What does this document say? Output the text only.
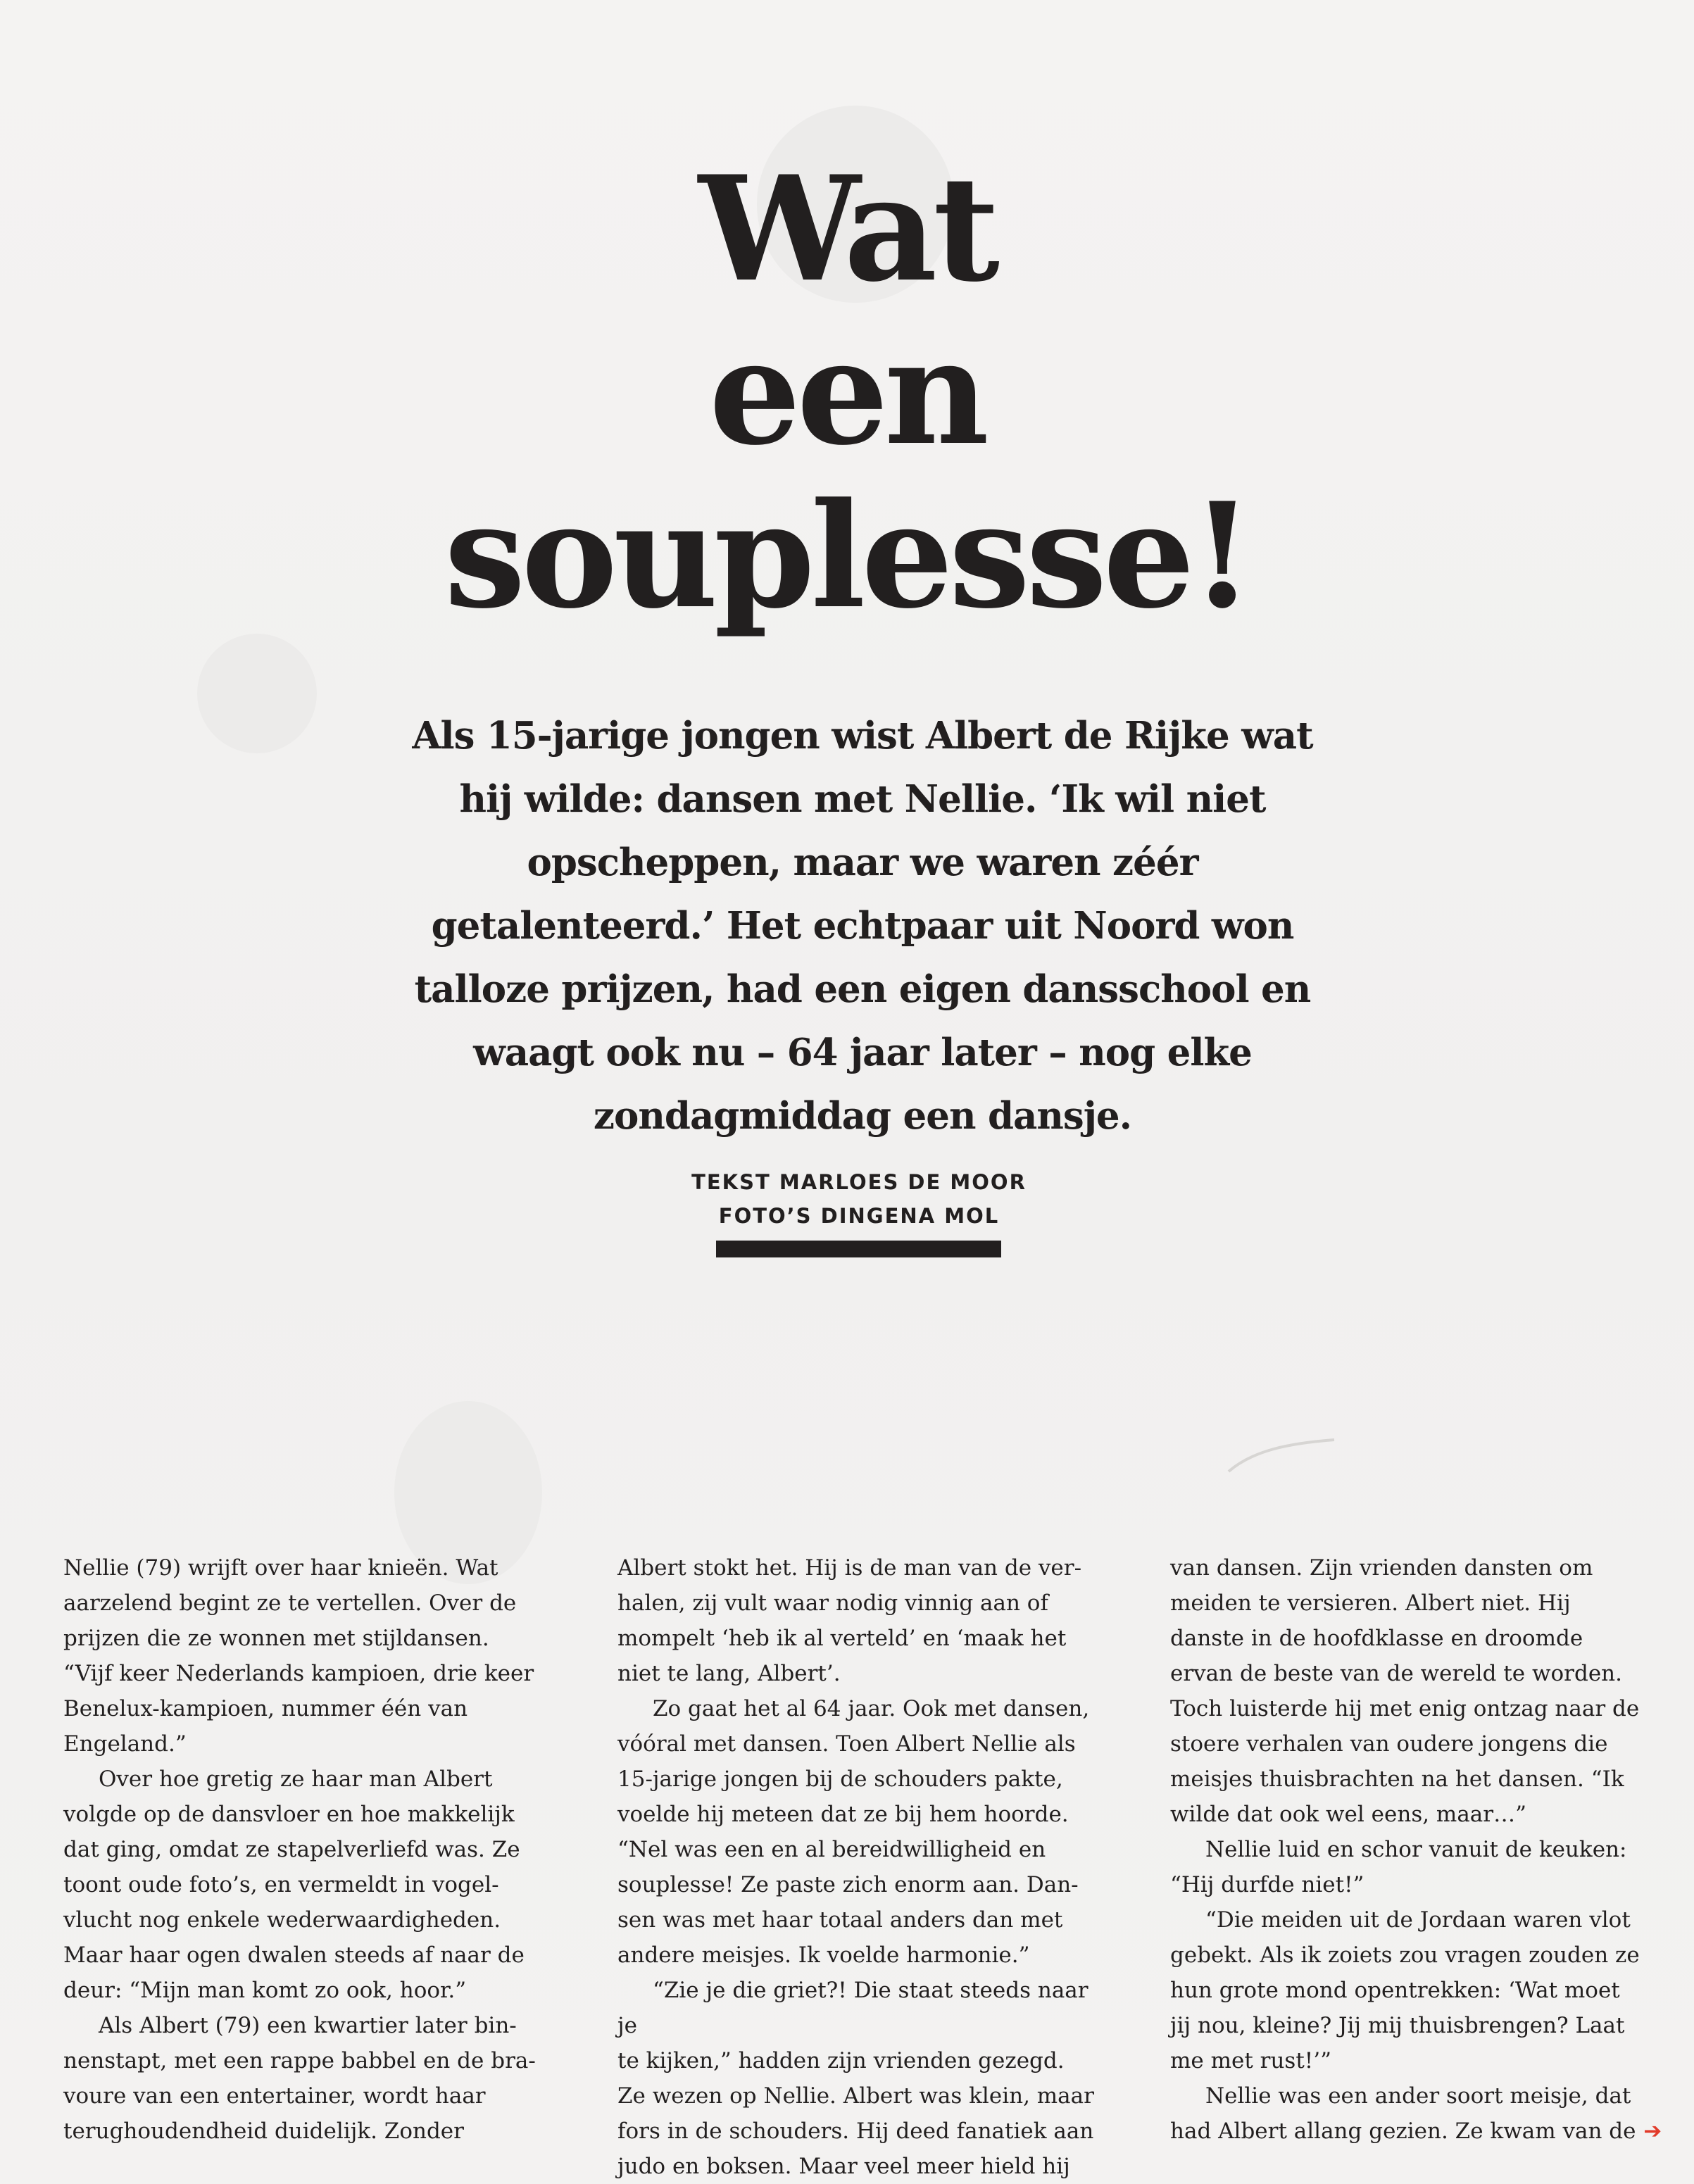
Wat
een
souplesse!
Als 15-jarige jongen wist Albert de Rijke wat
hij wilde: dansen met Nellie. ‘Ik wil niet
opscheppen, maar we waren zéér
getalenteerd.’ Het echtpaar uit Noord won
talloze prijzen, had een eigen dansschool en
waagt ook nu – 64 jaar later – nog elke
zondagmiddag een dansje.
TEKST MARLOES DE MOOR
FOTO’S DINGENA MOL
Nellie (79) wrijft over haar knieën. Wat
aarzelend begint ze te vertellen. Over de
prijzen die ze wonnen met stijldansen.
“Vijf keer Nederlands kampioen, drie keer
Benelux-kampioen, nummer één van
Engeland.”
Over hoe gretig ze haar man Albert
volgde op de dansvloer en hoe makkelijk
dat ging, omdat ze stapelverliefd was. Ze
toont oude foto’s, en vermeldt in vogel-
vlucht nog enkele wederwaardigheden.
Maar haar ogen dwalen steeds af naar de
deur: “Mijn man komt zo ook, hoor.”
Als Albert (79) een kwartier later bin-
nenstapt, met een rappe babbel en de bra-
voure van een entertainer, wordt haar
terughoudendheid duidelijk. Zonder
Albert stokt het. Hij is de man van de ver-
halen, zij vult waar nodig vinnig aan of
mompelt ‘heb ik al verteld’ en ‘maak het
niet te lang, Albert’.
Zo gaat het al 64 jaar. Ook met dansen,
vóóral met dansen. Toen Albert Nellie als
15-jarige jongen bij de schouders pakte,
voelde hij meteen dat ze bij hem hoorde.
“Nel was een en al bereidwilligheid en
souplesse! Ze paste zich enorm aan. Dan-
sen was met haar totaal anders dan met
andere meisjes. Ik voelde harmonie.”
“Zie je die griet?! Die staat steeds naar je
te kijken,” hadden zijn vrienden gezegd.
Ze wezen op Nellie. Albert was klein, maar
fors in de schouders. Hij deed fanatiek aan
judo en boksen. Maar veel meer hield hij
van dansen. Zijn vrienden dansten om
meiden te versieren. Albert niet. Hij
danste in de hoofdklasse en droomde
ervan de beste van de wereld te worden.
Toch luisterde hij met enig ontzag naar de
stoere verhalen van oudere jongens die
meisjes thuisbrachten na het dansen. “Ik
wilde dat ook wel eens, maar…”
Nellie luid en schor vanuit de keuken:
“Hij durfde niet!”
“Die meiden uit de Jordaan waren vlot
gebekt. Als ik zoiets zou vragen zouden ze
hun grote mond opentrekken: ‘Wat moet
jij nou, kleine? Jij mij thuisbrengen? Laat
me met rust!’”
Nellie was een ander soort meisje, dat
had Albert allang gezien. Ze kwam van de ➔
